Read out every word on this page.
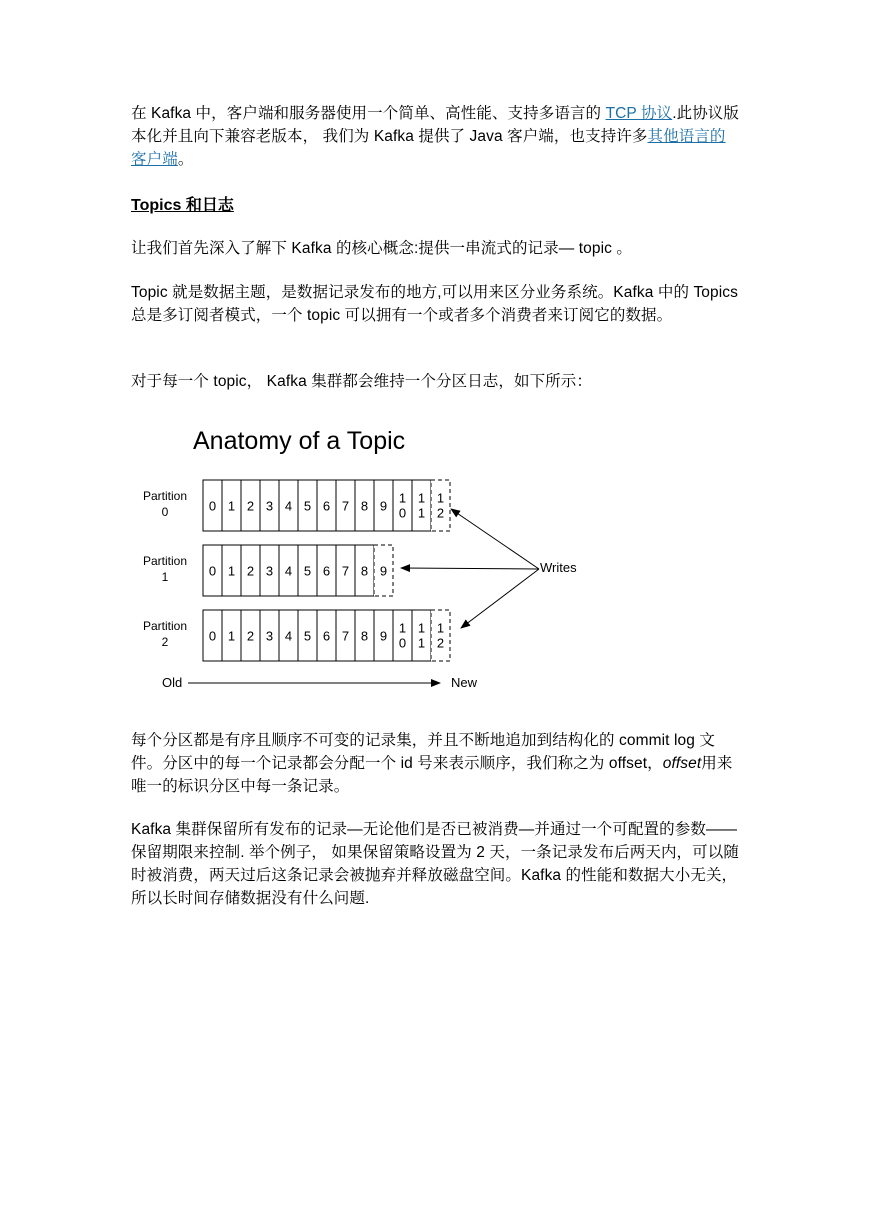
在 Kafka 中，客户端和服务器使用一个简单、高性能、支持多语言的 TCP 协议.此协议版本化并且向下兼容老版本， 我们为 Kafka 提供了 Java 客户端，也支持许多其他语言的客户端。

Topics 和日志

让我们首先深入了解下 Kafka 的核心概念:提供一串流式的记录— topic 。

Topic 就是数据主题，是数据记录发布的地方,可以用来区分业务系统。Kafka 中的 Topics 总是多订阅者模式，一个 topic 可以拥有一个或者多个消费者来订阅它的数据。

对于每一个 topic， Kafka 集群都会维持一个分区日志，如下所示：

每个分区都是有序且顺序不可变的记录集，并且不断地追加到结构化的 commit log 文件。分区中的每一个记录都会分配一个 id 号来表示顺序，我们称之为 offset，offset用来唯一的标识分区中每一条记录。

Kafka 集群保留所有发布的记录—无论他们是否已被消费—并通过一个可配置的参数——保留期限来控制. 举个例子， 如果保留策略设置为 2 天，一条记录发布后两天内，可以随时被消费，两天过后这条记录会被抛弃并释放磁盘空间。Kafka 的性能和数据大小无关，所以长时间存储数据没有什么问题.

Anatomy of a Topic
Partition
0	0 1 2 3 4 5 6 7 8 9
1 0
1 1
1 2
Partition
1	0 1 2 3 4 5 6 7 8 9
Partition
2	0 1 2 3 4 5 6 7 8 9
1 0
1 1
1 2
Writes
Old	New
